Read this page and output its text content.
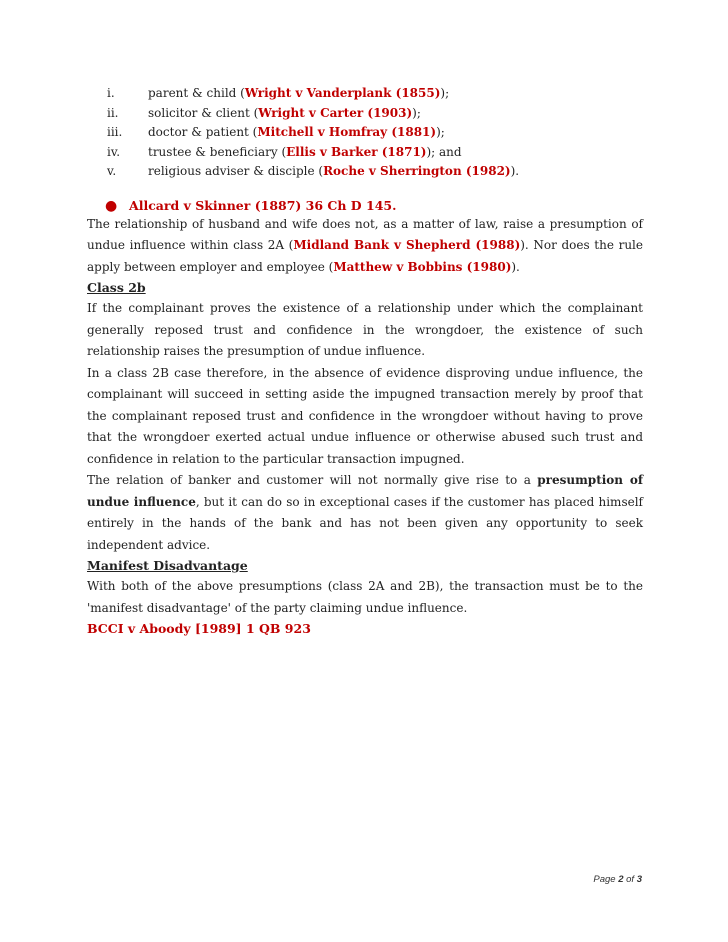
i.	parent & child (Wright v Vanderplank (1855));
ii.	solicitor & client (Wright v Carter (1903));
iii.	doctor & patient (Mitchell v Homfray (1881));
iv.	trustee & beneficiary (Ellis v Barker (1871)); and
v.	religious adviser & disciple (Roche v Sherrington (1982)).
● Allcard v Skinner (1887) 36 Ch D 145.

The relationship of husband and wife does not, as a matter of law, raise a presumption of undue influence within class 2A (Midland Bank v Shepherd (1988)). Nor does the rule apply between employer and employee (Matthew v Bobbins (1980)).

Class 2b

If the complainant proves the existence of a relationship under which the complainant generally reposed trust and confidence in the wrongdoer, the existence of such relationship raises the presumption of undue influence.

In a class 2B case therefore, in the absence of evidence disproving undue influence, the complainant will succeed in setting aside the impugned transaction merely by proof that the complainant reposed trust and confidence in the wrongdoer without having to prove that the wrongdoer exerted actual undue influence or otherwise abused such trust and confidence in relation to the particular transaction impugned.

The relation of banker and customer will not normally give rise to a presumption of undue influence, but it can do so in exceptional cases if the customer has placed himself entirely in the hands of the bank and has not been given any opportunity to seek independent advice.

Manifest Disadvantage

With both of the above presumptions (class 2A and 2B), the transaction must be to the 'manifest disadvantage' of the party claiming undue influence.

BCCI v Aboody [1989] 1 QB 923

Page 2 of 3
